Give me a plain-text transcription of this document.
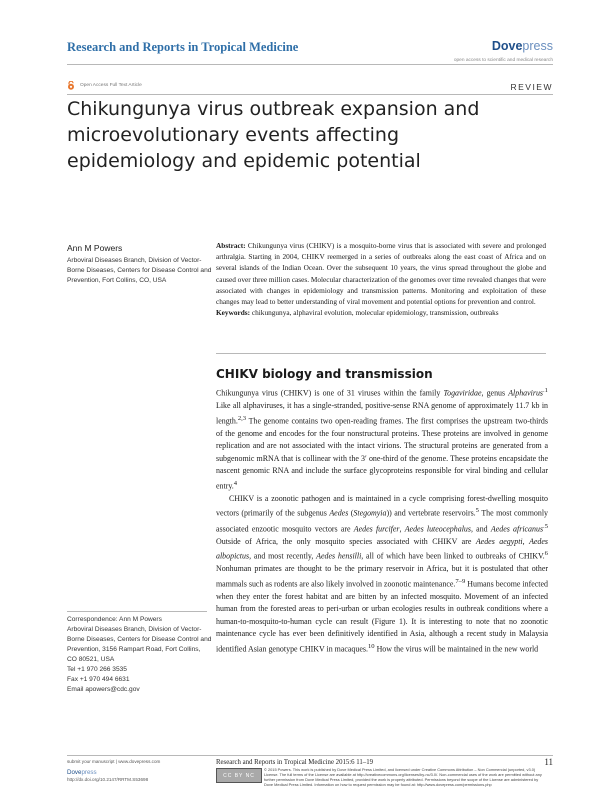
Research and Reports in Tropical Medicine	Dovepress
open access to scientific and medical research
Open Access Full Text Article	REVIEW
Chikungunya virus outbreak expansion and microevolutionary events affecting epidemiology and epidemic potential
Ann M Powers
Arboviral Diseases Branch, Division of Vector-Borne Diseases, Centers for Disease Control and Prevention, Fort Collins, CO, USA
Abstract: Chikungunya virus (CHIKV) is a mosquito-borne virus that is associated with severe and prolonged arthralgia. Starting in 2004, CHIKV reemerged in a series of outbreaks along the east coast of Africa and on several islands of the Indian Ocean. Over the subsequent 10 years, the virus spread throughout the globe and caused over three million cases. Molecular characterization of the genomes over time revealed changes that were associated with changes in epidemiology and transmission patterns. Monitoring and exploitation of these changes may lead to better understanding of viral movement and potential options for prevention and control.
Keywords: chikungunya, alphaviral evolution, molecular epidemiology, transmission, outbreaks
CHIKV biology and transmission

Chikungunya virus (CHIKV) is one of 31 viruses within the family Togaviridae, genus Alphavirus$^{.1}$ Like all alphaviruses, it has a single-stranded, positive-sense RNA genome of approximately 11.7 kb in length.$^{2,3}$ The genome contains two open-reading frames. The first comprises the upstream two-thirds of the genome and encodes for the four nonstructural proteins. These proteins are involved in genome replication and are not associated with the intact virions. The structural proteins are generated from a subgenomic mRNA that is collinear with the 3′ one-third of the genome. These proteins encapsidate the nascent genomic RNA and include the surface glycoproteins responsible for viral binding and cellular entry.$^4$

CHIKV is a zoonotic pathogen and is maintained in a cycle comprising forest-dwelling mosquito vectors (primarily of the subgenus Aedes (Stegomyia)) and vertebrate reservoirs.$^5$ The most commonly associated enzootic mosquito vectors are Aedes furcifer, Aedes luteocephalus, and Aedes africanus$^{.5}$ Outside of Africa, the only mosquito species associated with CHIKV are Aedes aegypti, Aedes albopictus, and most recently, Aedes hensilli, all of which have been linked to outbreaks of CHIKV.$^6$ Nonhuman primates are thought to be the primary reservoir in Africa, but it is postulated that other mammals such as rodents are also likely involved in zoonotic maintenance.$^{7-9}$ Humans become infected when they enter the forest habitat and are bitten by an infected mosquito. Movement of an infected human from the forested areas to peri-urban or urban ecologies results in outbreak conditions where a human-to-mosquito-to-human cycle can result (Figure 1). It is interesting to note that no zoonotic maintenance cycle has ever been definitively identified in Asia, although a recent study in Malaysia identified Asian genotype CHIKV in macaques.$^{10}$ How the virus will be maintained in the new world

Correspondence: Ann M Powers
Arboviral Diseases Branch, Division of Vector-Borne Diseases, Centers for Disease Control and Prevention, 3156 Rampart Road, Fort Collins, CO 80521, USA
Tel +1 970 266 3535
Fax +1 970 494 6631
Email apowers@cdc.gov
submit your manuscript | www.dovepress.com
Dovepress
http://dx.doi.org/10.2147/RRTM.S53698
Research and Reports in Tropical Medicine 2015:6 11–19	11
CC BY NC
© 2015 Powers. This work is published by Dove Medical Press Limited, and licensed under Creative Commons Attribution – Non Commercial (unported, v3.0) License. The full terms of the License are available at http://creativecommons.org/licenses/by-nc/3.0/. Non-commercial uses of the work are permitted without any further permission from Dove Medical Press Limited, provided the work is properly attributed. Permissions beyond the scope of the License are administered by Dove Medical Press Limited. Information on how to request permission may be found at: http://www.dovepress.com/permissions.php
